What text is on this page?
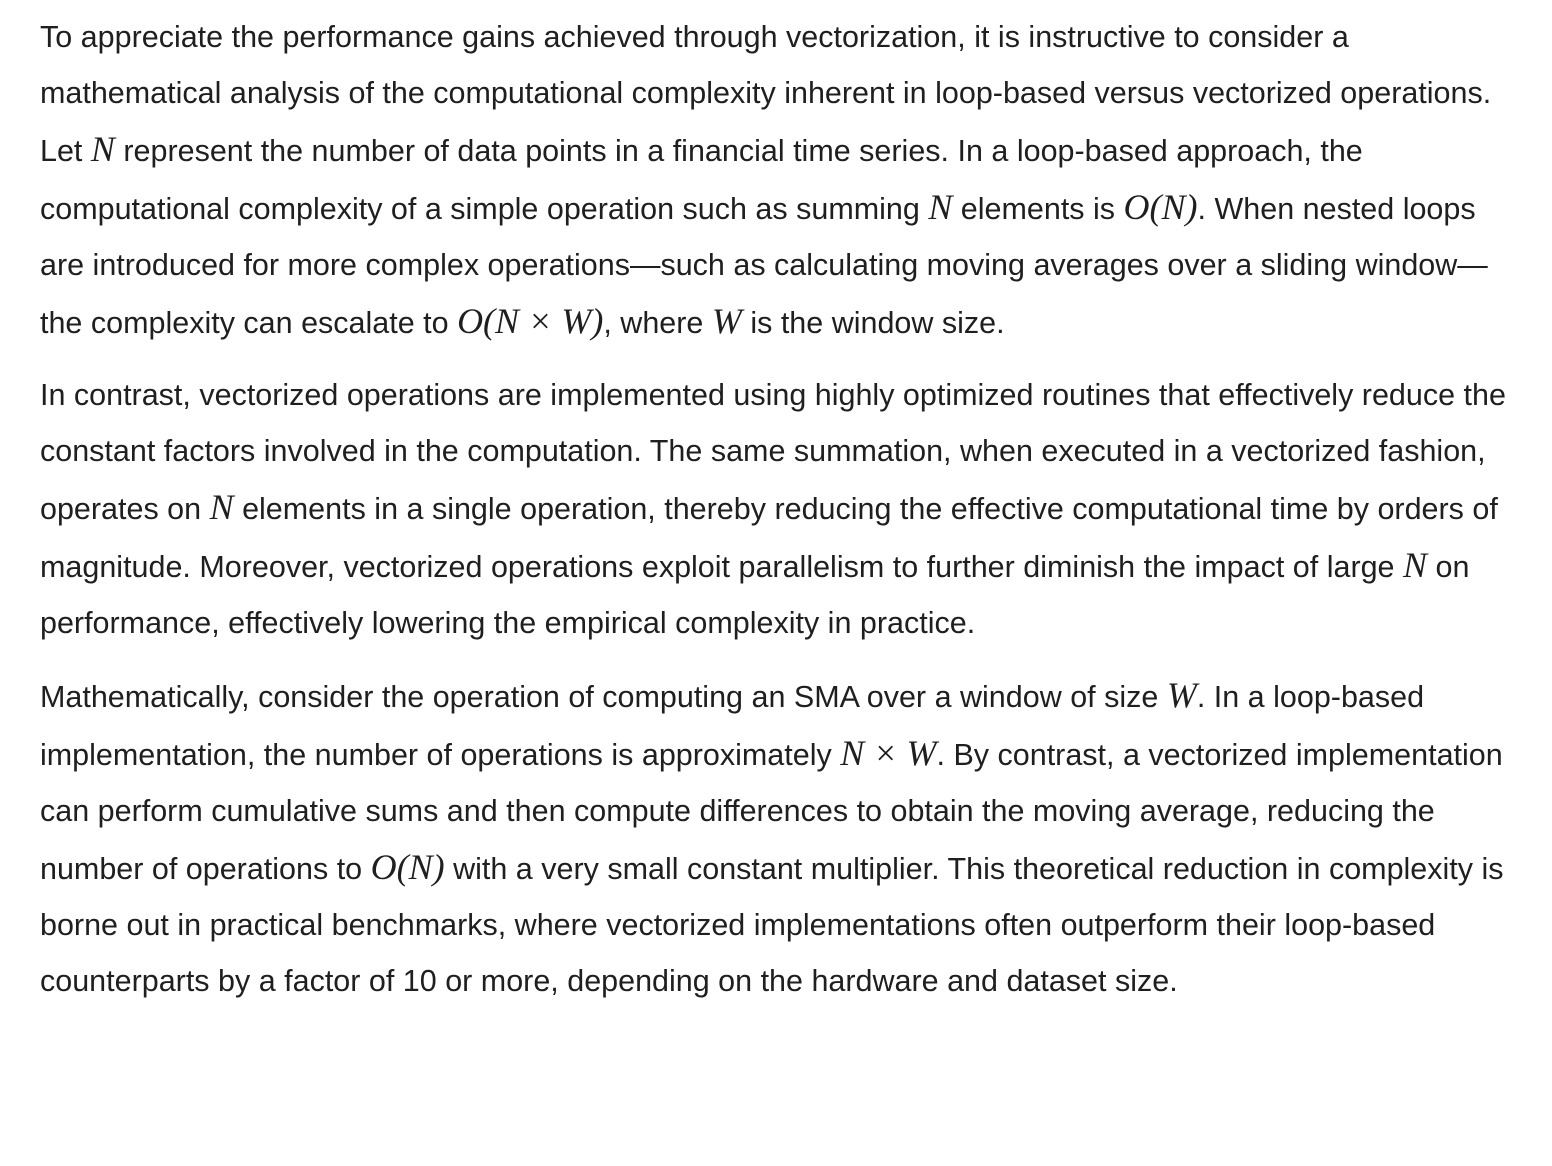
To appreciate the performance gains achieved through vectorization, it is instructive to consider a mathematical analysis of the computational complexity inherent in loop-based versus vectorized operations. Let N represent the number of data points in a financial time series. In a loop-based approach, the computational complexity of a simple operation such as summing N elements is O(N). When nested loops are introduced for more complex operations—such as calculating moving averages over a sliding window—the complexity can escalate to O(N × W), where W is the window size.

In contrast, vectorized operations are implemented using highly optimized routines that effectively reduce the constant factors involved in the computation. The same summation, when executed in a vectorized fashion, operates on N elements in a single operation, thereby reducing the effective computational time by orders of magnitude. Moreover, vectorized operations exploit parallelism to further diminish the impact of large N on performance, effectively lowering the empirical complexity in practice.

Mathematically, consider the operation of computing an SMA over a window of size W. In a loop-based implementation, the number of operations is approximately N × W. By contrast, a vectorized implementation can perform cumulative sums and then compute differences to obtain the moving average, reducing the number of operations to O(N) with a very small constant multiplier. This theoretical reduction in complexity is borne out in practical benchmarks, where vectorized implementations often outperform their loop-based counterparts by a factor of 10 or more, depending on the hardware and dataset size.
